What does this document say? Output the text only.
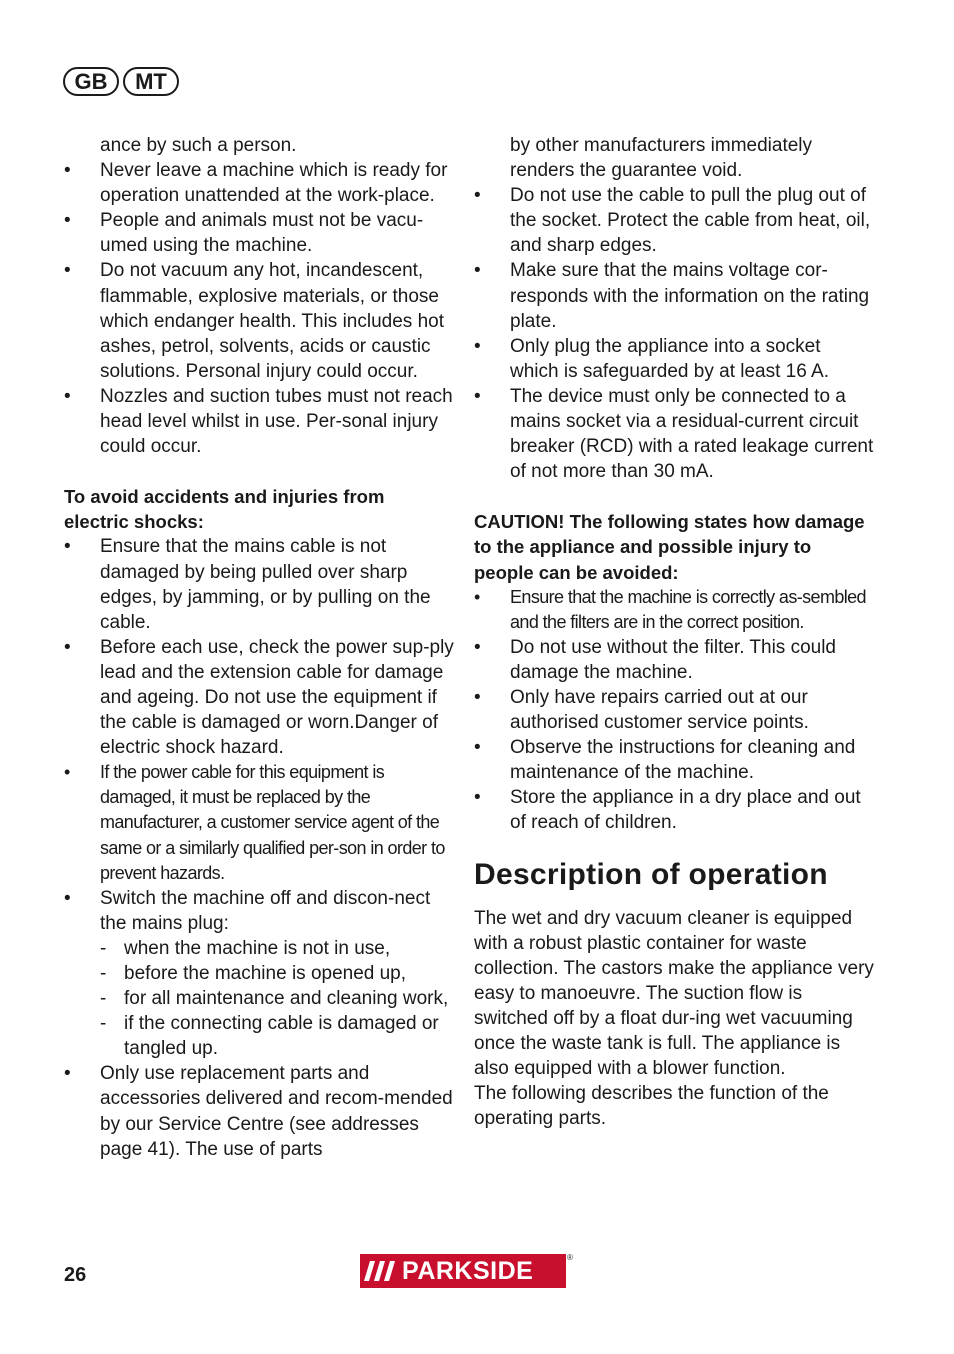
GB	MT

ance by such a person.

• Never leave a machine which is ready for operation unattended at the work-place.
• People and animals must not be vacu-umed using the machine.
• Do not vacuum any hot, incandescent, flammable, explosive materials, or those which endanger health. This includes hot ashes, petrol, solvents, acids or caustic solutions. Personal injury could occur.
• Nozzles and suction tubes must not reach head level whilst in use. Per-sonal injury could occur.

To avoid accidents and injuries from electric shocks:

• Ensure that the mains cable is not damaged by being pulled over sharp edges, by jamming, or by pulling on the cable.
• Before each use, check the power sup-ply lead and the extension cable for damage and ageing. Do not use the equipment if the cable is damaged or worn.Danger of electric shock hazard.
• If the power cable for this equipment is damaged, it must be replaced by the manufacturer, a customer service agent of the same or a similarly qualified per-son in order to prevent hazards.
• Switch the machine off and discon-nect the mains plug:
- when the machine is not in use,
- before the machine is opened up,
- for all maintenance and cleaning work,
- if the connecting cable is damaged or tangled up.
• Only use replacement parts and accessories delivered and recom-mended by our Service Centre (see addresses page 41). The use of parts

by other manufacturers immediately renders the guarantee void.

• Do not use the cable to pull the plug out of the socket. Protect the cable from heat, oil, and sharp edges.
• Make sure that the mains voltage cor-responds with the information on the rating plate.
• Only plug the appliance into a socket which is safeguarded by at least 16 A.
• The device must only be connected to a mains socket via a residual-current circuit breaker (RCD) with a rated leakage current of not more than 30 mA.

CAUTION! The following states how damage to the appliance and possible injury to people can be avoided:

• Ensure that the machine is correctly as-sembled and the filters are in the correct position.
• Do not use without the filter. This could damage the machine.
• Only have repairs carried out at our authorised customer service points.
• Observe the instructions for cleaning and maintenance of the machine.
• Store the appliance in a dry place and out of reach of children.
Description of operation

The wet and dry vacuum cleaner is equipped with a robust plastic container for waste collection. The castors make the appliance very easy to manoeuvre. The suction flow is switched off by a float dur-ing wet vacuuming once the waste tank is full. The appliance is also equipped with a blower function.

The following describes the function of the operating parts.

26	PARKSIDE	®
